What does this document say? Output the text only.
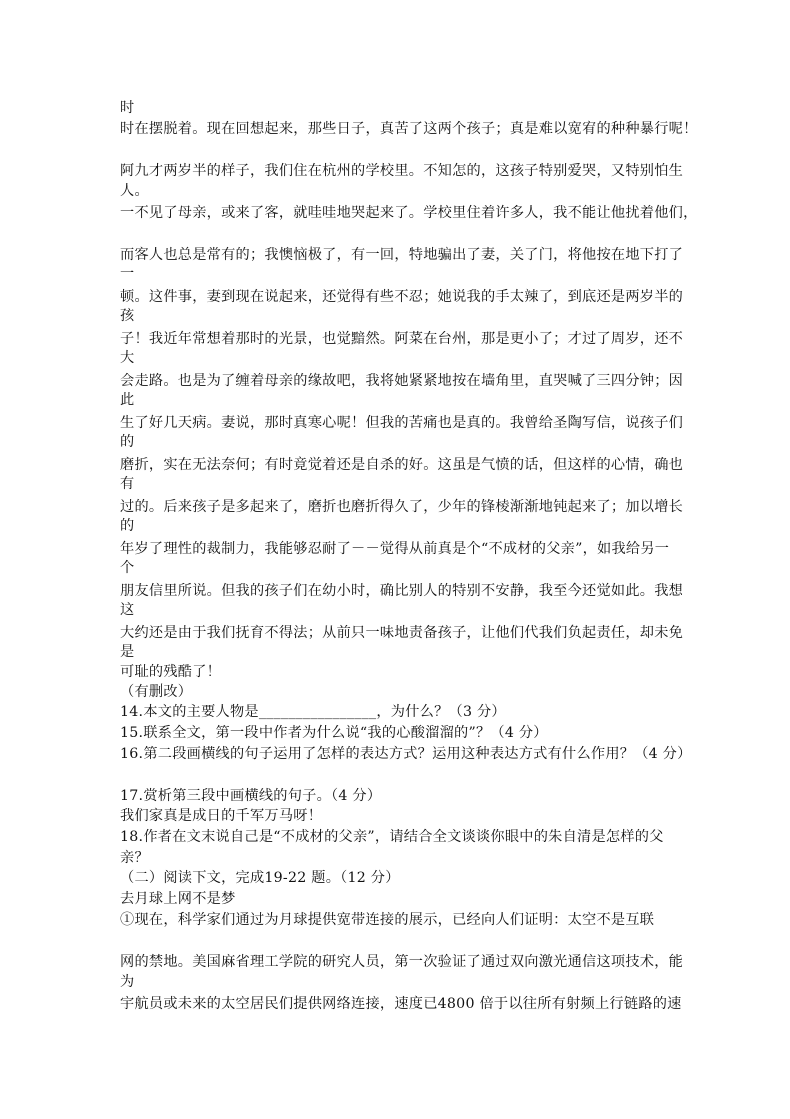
时
时在摆脱着。现在回想起来，那些日子，真苦了这两个孩子；真是难以宽宥的种种暴行呢！
阿九才两岁半的样子，我们住在杭州的学校里。不知怎的，这孩子特别爱哭，又特别怕生
人。
一不见了母亲，或来了客，就哇哇地哭起来了。学校里住着许多人，我不能让他扰着他们，
而客人也总是常有的；我懊恼极了，有一回，特地骗出了妻，关了门，将他按在地下打了
一
顿。这件事，妻到现在说起来，还觉得有些不忍；她说我的手太辣了，到底还是两岁半的
孩
子！我近年常想着那时的光景，也觉黯然。阿菜在台州，那是更小了；才过了周岁，还不
大
会走路。也是为了缠着母亲的缘故吧，我将她紧紧地按在墙角里，直哭喊了三四分钟；因
此
生了好几天病。妻说，那时真寒心呢！但我的苦痛也是真的。我曾给圣陶写信，说孩子们
的
磨折，实在无法奈何；有时竟觉着还是自杀的好。这虽是气愤的话，但这样的心情，确也
有
过的。后来孩子是多起来了，磨折也磨折得久了，少年的锋棱渐渐地钝起来了；加以增长
的
年岁了理性的裁制力，我能够忍耐了－－觉得从前真是个“不成材的父亲”，如我给另一
个
朋友信里所说。但我的孩子们在幼小时，确比别人的特别不安静，我至今还觉如此。我想
这
大约还是由于我们抚育不得法；从前只一味地责备孩子，让他们代我们负起责任，却未免
是
可耻的残酷了！
（有删改）
14.本文的主要人物是________________，为什么？（3 分）
15.联系全文，第一段中作者为什么说“我的心酸溜溜的”？（4 分）
16.第二段画横线的句子运用了怎样的表达方式？运用这种表达方式有什么作用？（4 分）
17.赏析第三段中画横线的句子。（4 分）
我们家真是成日的千军万马呀！
18.作者在文末说自己是“不成材的父亲”，请结合全文谈谈你眼中的朱自清是怎样的父
亲？
（二）阅读下文，完成19-22 题。（12 分）
去月球上网不是梦
①现在，科学家们通过为月球提供宽带连接的展示，已经向人们证明：太空不是互联
网的禁地。美国麻省理工学院的研究人员，第一次验证了通过双向激光通信这项技术，能
为
宇航员或未来的太空居民们提供网络连接，速度已4800 倍于以往所有射频上行链路的速
